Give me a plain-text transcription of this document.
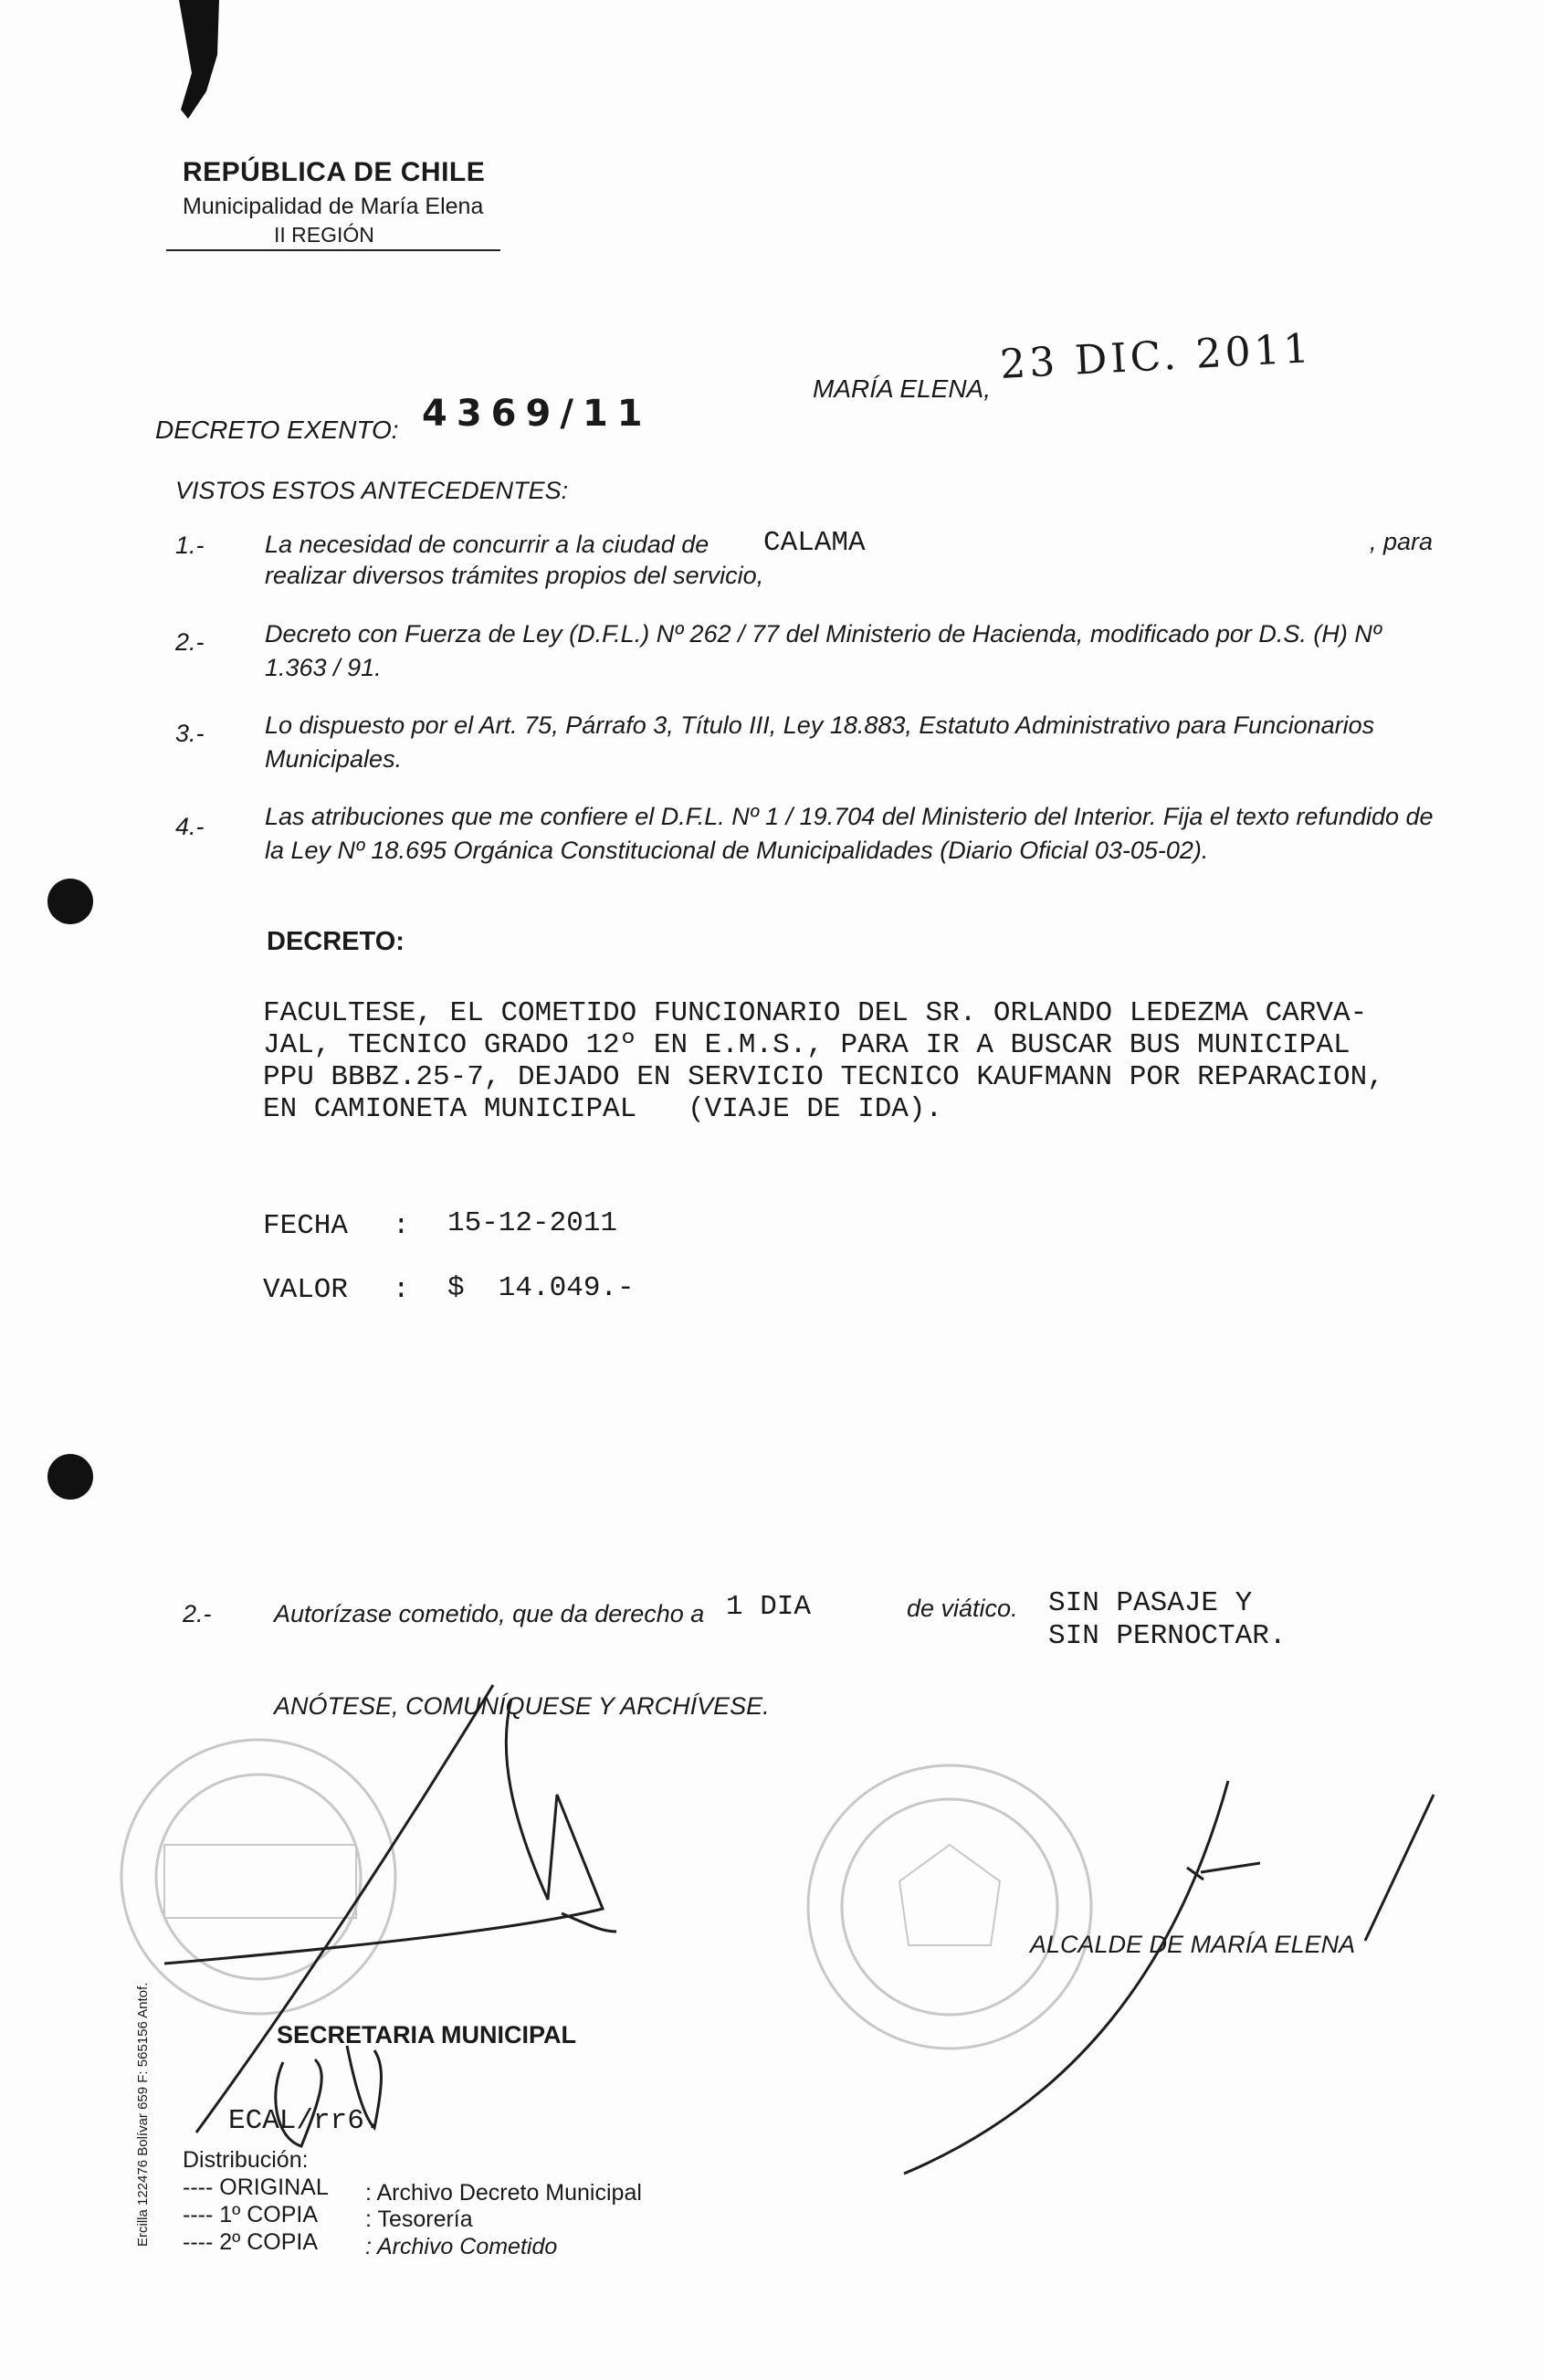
REPÚBLICA DE CHILE
Municipalidad de María Elena
II REGIÓN
DECRETO EXENTO: 4369/11
MARÍA ELENA,
23 DIC. 2011
VISTOS ESTOS ANTECEDENTES:
1.- La necesidad de concurrir a la ciudad de	CALAMA	, para
realizar diversos trámites propios del servicio,
2.- Decreto con Fuerza de Ley (D.F.L.) Nº 262 / 77 del Ministerio de Hacienda, modificado por D.S. (H) Nº 1.363 / 91.
3.- Lo dispuesto por el Art. 75, Párrafo 3, Título III, Ley 18.883, Estatuto Administrativo para Funcionarios Municipales.
4.- Las atribuciones que me confiere el D.F.L. Nº 1 / 19.704 del Ministerio del Interior. Fija el texto refundido de la Ley Nº 18.695 Orgánica Constitucional de Municipalidades (Diario Oficial 03-05-02).
DECRETO:
FACULTESE, EL COMETIDO FUNCIONARIO DEL SR. ORLANDO LEDEZMA CARVA-
JAL, TECNICO GRADO 12º EN E.M.S., PARA IR A BUSCAR BUS MUNICIPAL
PPU BBBZ.25-7, DEJADO EN SERVICIO TECNICO KAUFMANN POR REPARACION,
EN CAMIONETA MUNICIPAL   (VIAJE DE IDA).
FECHA : 15-12-2011
VALOR : $  14.049.-
2.-	Autorízase cometido, que da derecho a 1 DIA	de viático. SIN PASAJE Y
SIN PERNOCTAR.
ANÓTESE, COMUNÍQUESE Y ARCHÍVESE.
SECRETARIA MUNICIPAL
ALCALDE DE MARÍA ELENA
ECAL/rr6.
Distribución:
---- ORIGINAL : Archivo Decreto Municipal
---- 1º COPIA : Tesorería
---- 2º COPIA : Archivo Cometido
Ercilla 122476 Bolívar 659 F: 565156 Antof.
